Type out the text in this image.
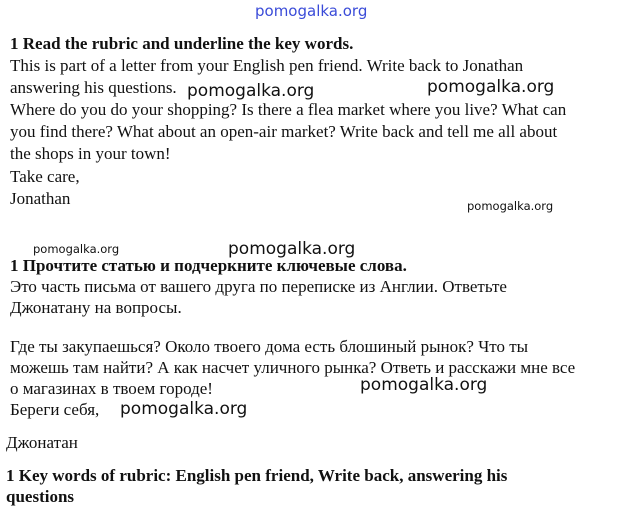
pomogalka.org
1 Read the rubric and underline the key words.
This is part of a letter from your English pen friend. Write back to Jonathan
answering his questions.
Where do you do your shopping? Is there a flea market where you live? What can
you find there? What about an open-air market? Write back and tell me all about
the shops in your town!
Take care,
Jonathan
pomogalka.org	pomogalka.org
pomogalka.org
pomogalka.org	pomogalka.org
1 Прочтите статью и подчеркните ключевые слова.
Это часть письма от вашего друга по переписке из Англии. Ответьте
Джонатану на вопросы.
Где ты закупаешься? Около твоего дома есть блошиный рынок? Что ты
можешь там найти? А как насчет уличного рынка? Ответь и расскажи мне все
о магазинах в твоем городе!
Береги себя,
pomogalka.org
pomogalka.org
Джонатан
1 Key words of rubric: English pen friend, Write back, answering his
questions
